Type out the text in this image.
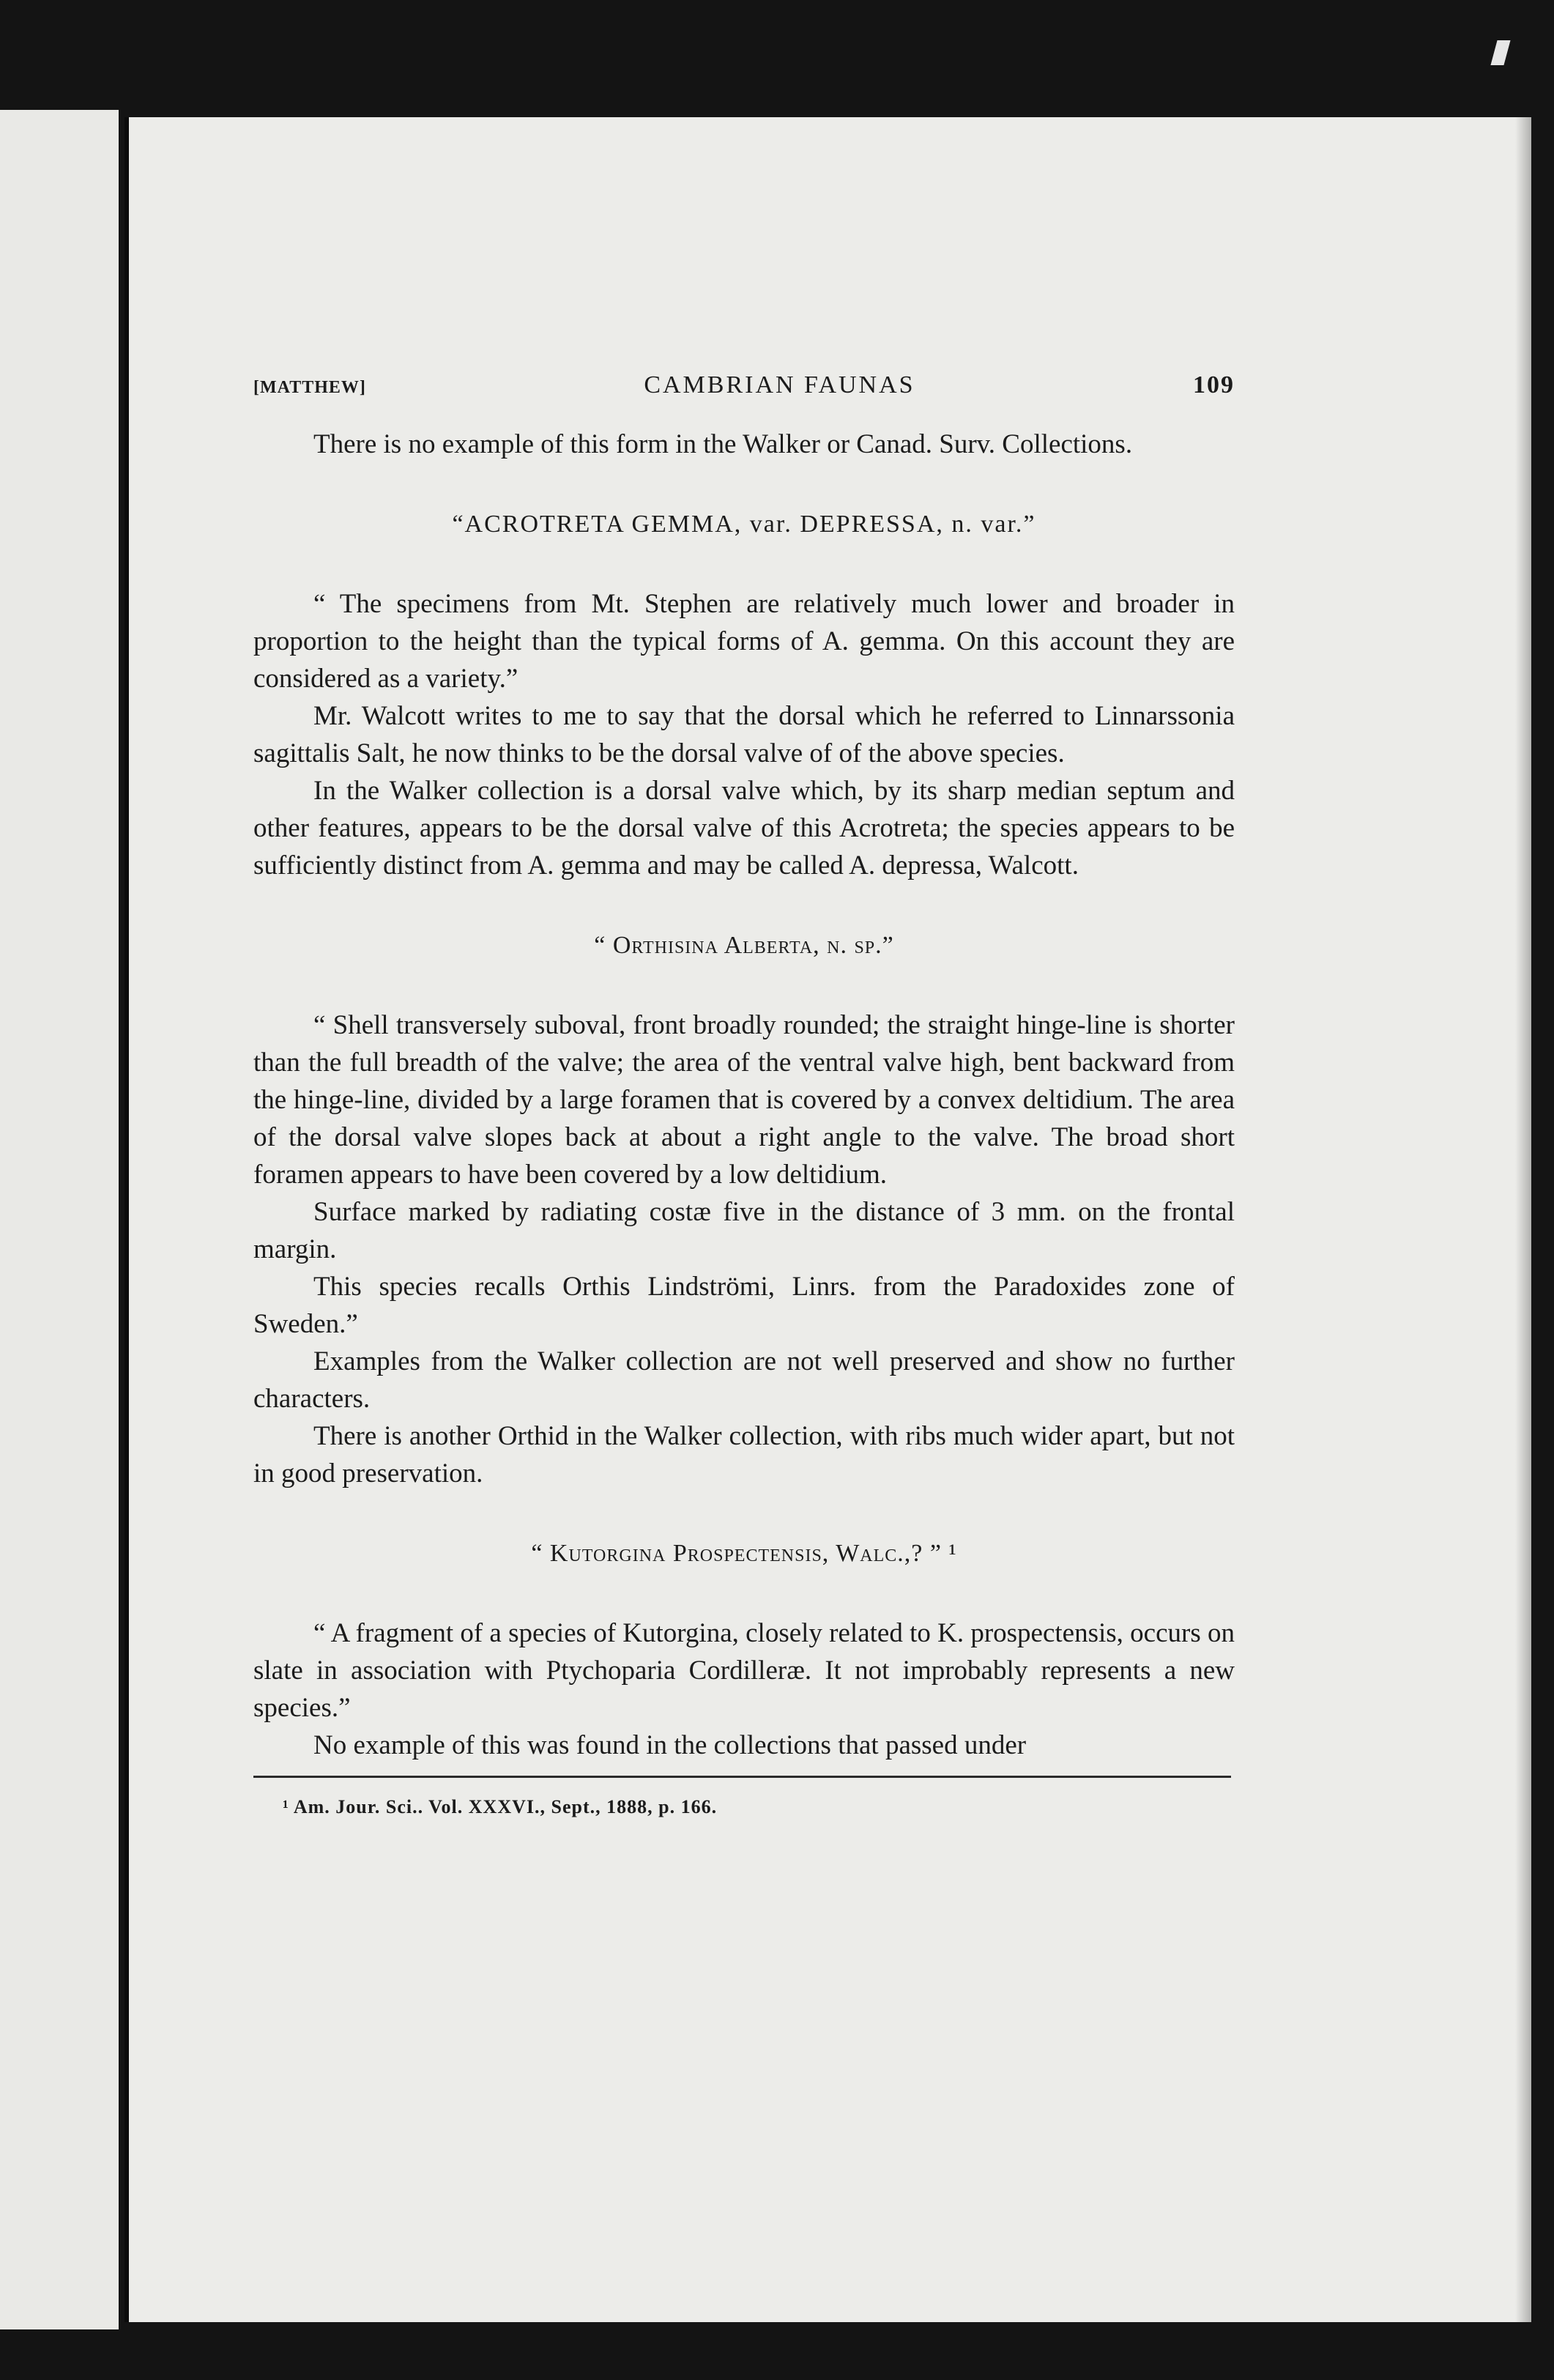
[MATTHEW]	CAMBRIAN FAUNAS	109

There is no example of this form in the Walker or Canad. Surv. Collections.

“ACROTRETA GEMMA, var. DEPRESSA, n. var.”

“ The specimens from Mt. Stephen are relatively much lower and broader in proportion to the height than the typical forms of A. gemma. On this account they are considered as a variety.”

Mr. Walcott writes to me to say that the dorsal which he referred to Linnarssonia sagittalis Salt, he now thinks to be the dorsal valve of of the above species.

In the Walker collection is a dorsal valve which, by its sharp median septum and other features, appears to be the dorsal valve of this Acrotreta; the species appears to be sufficiently distinct from A. gemma and may be called A. depressa, Walcott.

“ Orthisina Alberta, n. sp.”

“ Shell transversely suboval, front broadly rounded; the straight hinge-line is shorter than the full breadth of the valve; the area of the ventral valve high, bent backward from the hinge-line, divided by a large foramen that is covered by a convex deltidium. The area of the dorsal valve slopes back at about a right angle to the valve. The broad short foramen appears to have been covered by a low deltidium.

Surface marked by radiating costæ five in the distance of 3 mm. on the frontal margin.

This species recalls Orthis Lindströmi, Linrs. from the Paradoxides zone of Sweden.”

Examples from the Walker collection are not well preserved and show no further characters.

There is another Orthid in the Walker collection, with ribs much wider apart, but not in good preservation.

“ Kutorgina Prospectensis, Walc.,? ” ¹

“ A fragment of a species of Kutorgina, closely related to K. prospectensis, occurs on slate in association with Ptychoparia Cordilleræ. It not improbably represents a new species.”

No example of this was found in the collections that passed under

¹ Am. Jour. Sci.. Vol. XXXVI., Sept., 1888, p. 166.
